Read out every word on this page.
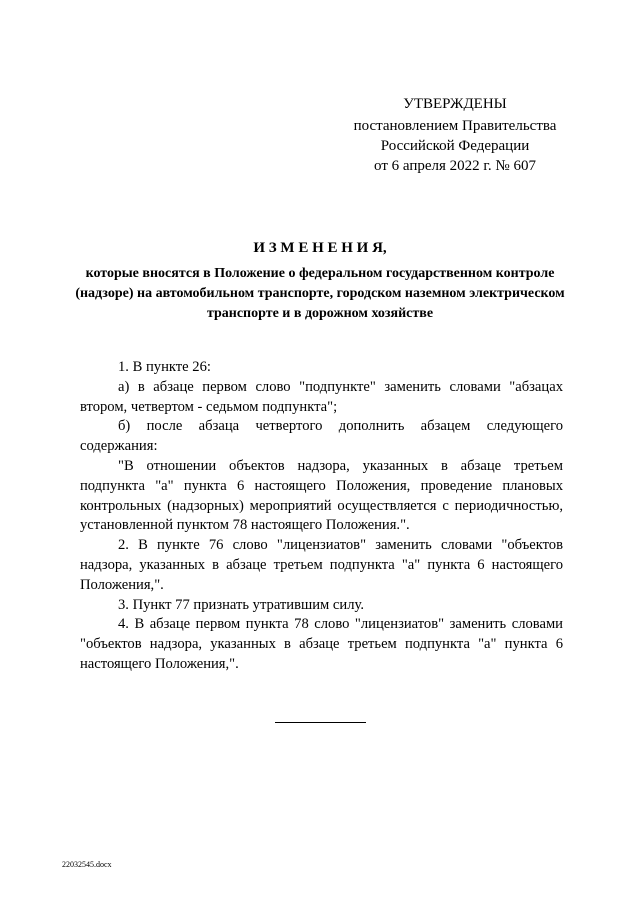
УТВЕРЖДЕНЫ
постановлением Правительства
Российской Федерации
от 6 апреля 2022 г. № 607
И З М Е Н Е Н И Я,
которые вносятся в Положение о федеральном государственном контроле (надзоре) на автомобильном транспорте, городском наземном электрическом транспорте и в дорожном хозяйстве

1. В пункте 26:

а) в абзаце первом слово "подпункте" заменить словами "абзацах втором, четвертом - седьмом подпункта";

б) после абзаца четвертого дополнить абзацем следующего содержания:

"В отношении объектов надзора, указанных в абзаце третьем подпункта "а" пункта 6 настоящего Положения, проведение плановых контрольных (надзорных) мероприятий осуществляется с периодичностью, установленной пунктом 78 настоящего Положения.".

2. В пункте 76 слово "лицензиатов" заменить словами "объектов надзора, указанных в абзаце третьем подпункта "а" пункта 6 настоящего Положения,".

3. Пункт 77 признать утратившим силу.

4. В абзаце первом пункта 78 слово "лицензиатов" заменить словами "объектов надзора, указанных в абзаце третьем подпункта "а" пункта 6 настоящего Положения,".

22032545.docx
